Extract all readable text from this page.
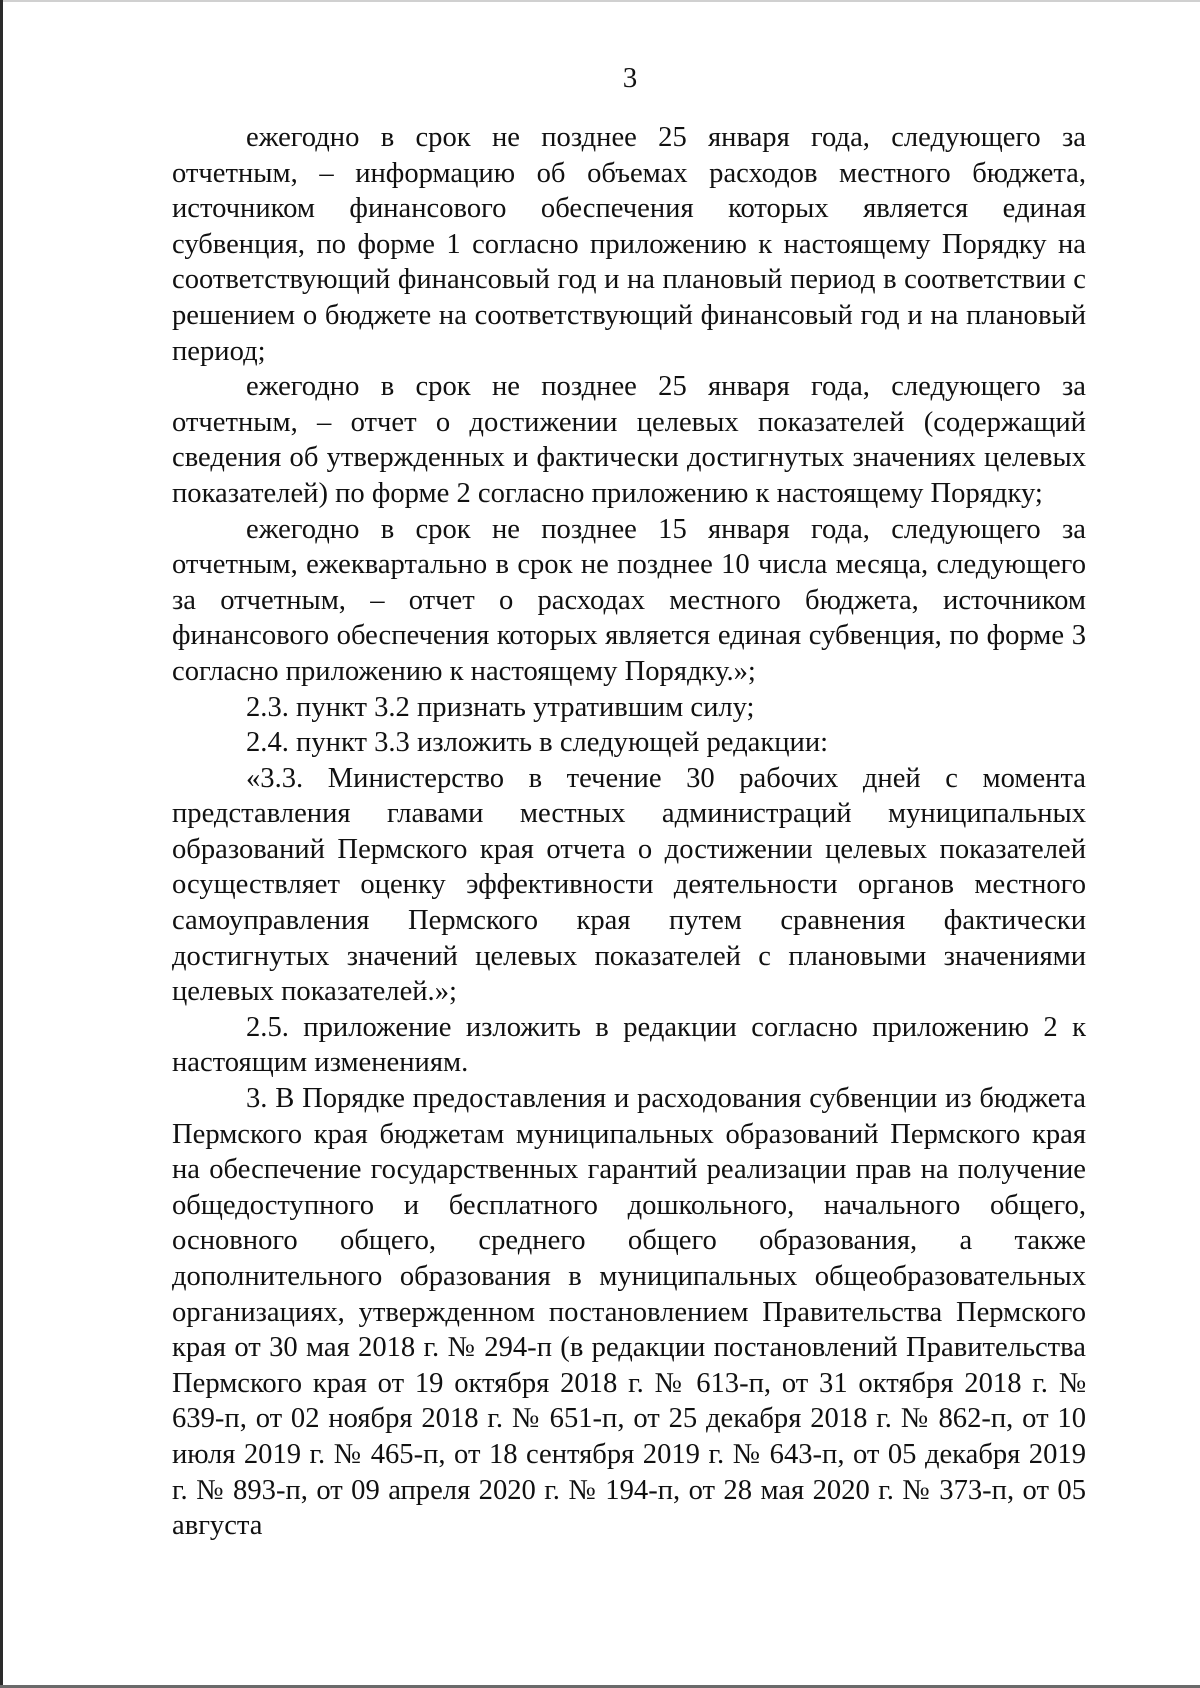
3

ежегодно в срок не позднее 25 января года, следующего за отчетным, – информацию об объемах расходов местного бюджета, источником финансового обеспечения которых является единая субвенция, по форме 1 согласно приложению к настоящему Порядку на соответствующий финансовый год и на плановый период в соответствии с решением о бюджете на соответствующий финансовый год и на плановый период;

ежегодно в срок не позднее 25 января года, следующего за отчетным, – отчет о достижении целевых показателей (содержащий сведения об утвержденных и фактически достигнутых значениях целевых показателей) по форме 2 согласно приложению к настоящему Порядку;

ежегодно в срок не позднее 15 января года, следующего за отчетным, ежеквартально в срок не позднее 10 числа месяца, следующего за отчетным, – отчет о расходах местного бюджета, источником финансового обеспечения которых является единая субвенция, по форме 3 согласно приложению к настоящему Порядку.»;

2.3. пункт 3.2 признать утратившим силу;

2.4. пункт 3.3 изложить в следующей редакции:

«3.3. Министерство в течение 30 рабочих дней с момента представления главами местных администраций муниципальных образований Пермского края отчета о достижении целевых показателей осуществляет оценку эффективности деятельности органов местного самоуправления Пермского края путем сравнения фактически достигнутых значений целевых показателей с плановыми значениями целевых показателей.»;

2.5. приложение изложить в редакции согласно приложению 2 к настоящим изменениям.

3. В Порядке предоставления и расходования субвенции из бюджета Пермского края бюджетам муниципальных образований Пермского края на обеспечение государственных гарантий реализации прав на получение общедоступного и бесплатного дошкольного, начального общего, основного общего, среднего общего образования, а также дополнительного образования в муниципальных общеобразовательных организациях, утвержденном постановлением Правительства Пермского края от 30 мая 2018 г. № 294-п (в редакции постановлений Правительства Пермского края от 19 октября 2018 г. № 613-п, от 31 октября 2018 г. № 639-п, от 02 ноября 2018 г. № 651-п, от 25 декабря 2018 г. № 862-п, от 10 июля 2019 г. № 465-п, от 18 сентября 2019 г. № 643-п, от 05 декабря 2019 г. № 893-п, от 09 апреля 2020 г. № 194-п, от 28 мая 2020 г. № 373-п, от 05 августа
